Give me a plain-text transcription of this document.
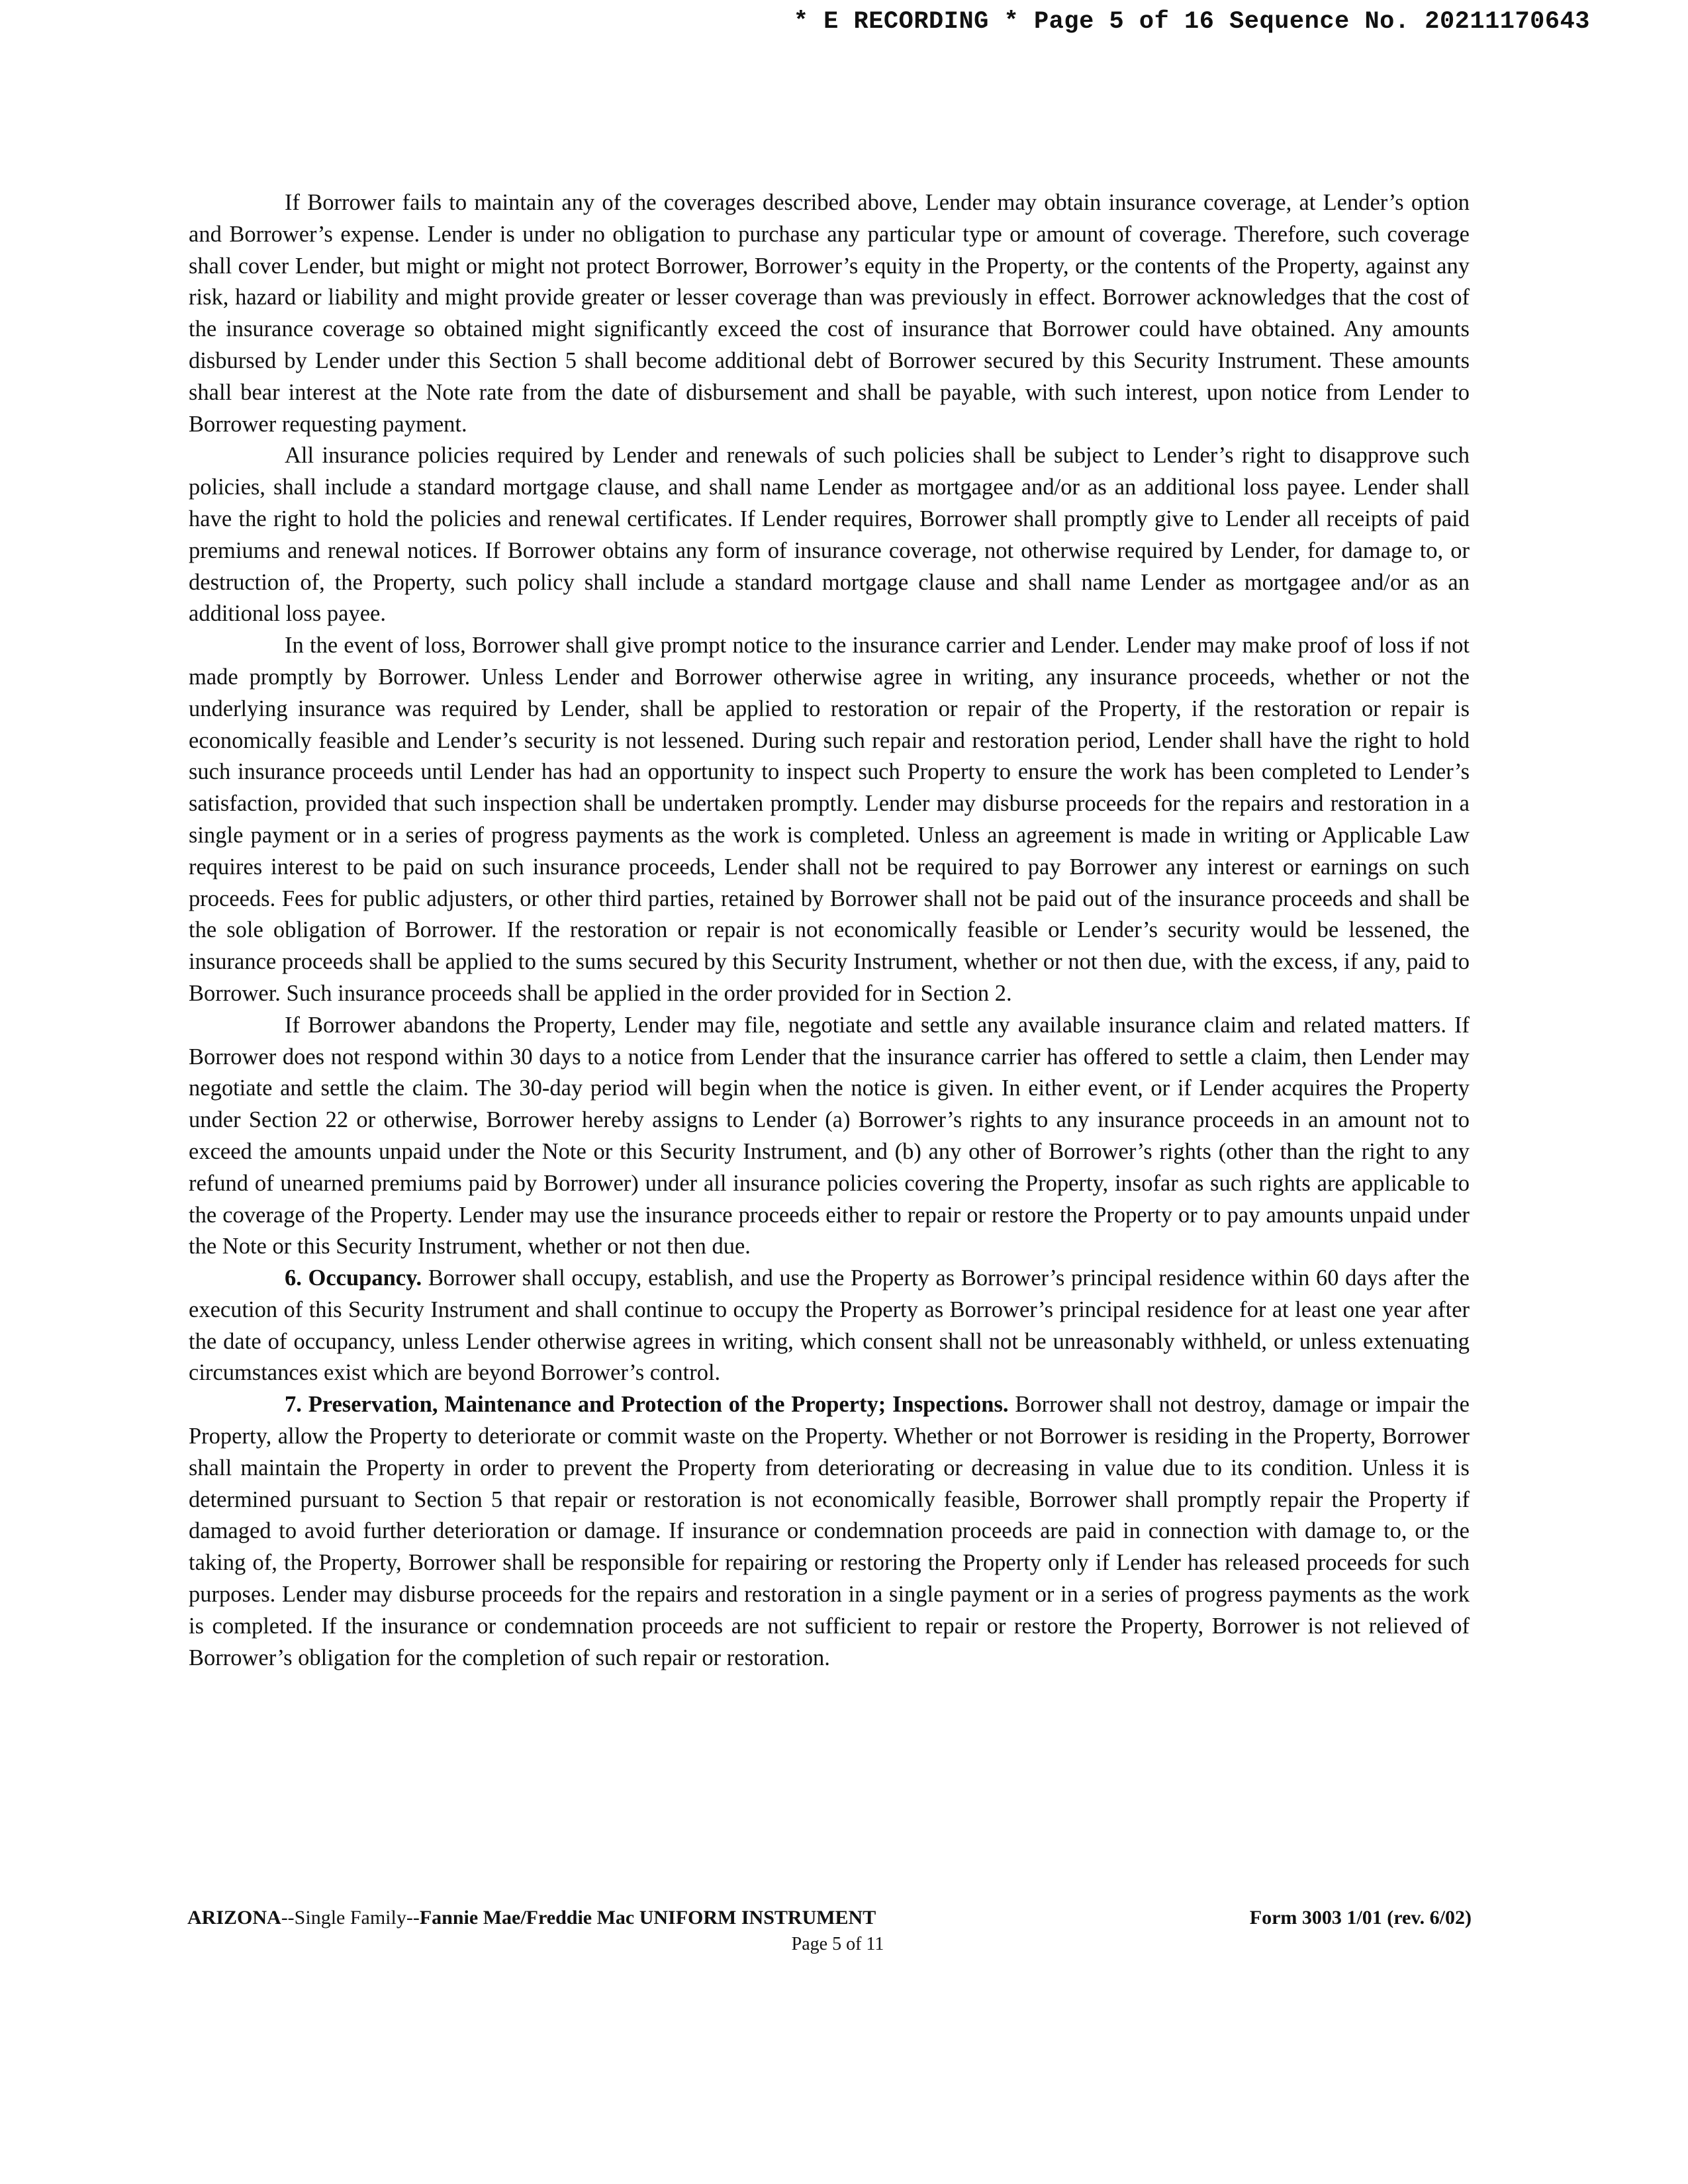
* E RECORDING * Page 5 of 16 Sequence No. 20211170643

If Borrower fails to maintain any of the coverages described above, Lender may obtain insurance coverage, at Lender’s option and Borrower’s expense. Lender is under no obligation to purchase any particular type or amount of coverage. Therefore, such coverage shall cover Lender, but might or might not protect Borrower, Borrower’s equity in the Property, or the contents of the Property, against any risk, hazard or liability and might provide greater or lesser coverage than was previously in effect. Borrower acknowledges that the cost of the insurance coverage so obtained might significantly exceed the cost of insurance that Borrower could have obtained. Any amounts disbursed by Lender under this Section 5 shall become additional debt of Borrower secured by this Security Instrument. These amounts shall bear interest at the Note rate from the date of disbursement and shall be payable, with such interest, upon notice from Lender to Borrower requesting payment.

All insurance policies required by Lender and renewals of such policies shall be subject to Lender’s right to disapprove such policies, shall include a standard mortgage clause, and shall name Lender as mortgagee and/or as an additional loss payee. Lender shall have the right to hold the policies and renewal certificates. If Lender requires, Borrower shall promptly give to Lender all receipts of paid premiums and renewal notices. If Borrower obtains any form of insurance coverage, not otherwise required by Lender, for damage to, or destruction of, the Property, such policy shall include a standard mortgage clause and shall name Lender as mortgagee and/or as an additional loss payee.

In the event of loss, Borrower shall give prompt notice to the insurance carrier and Lender. Lender may make proof of loss if not made promptly by Borrower. Unless Lender and Borrower otherwise agree in writing, any insurance proceeds, whether or not the underlying insurance was required by Lender, shall be applied to restoration or repair of the Property, if the restoration or repair is economically feasible and Lender’s security is not lessened. During such repair and restoration period, Lender shall have the right to hold such insurance proceeds until Lender has had an opportunity to inspect such Property to ensure the work has been completed to Lender’s satisfaction, provided that such inspection shall be undertaken promptly. Lender may disburse proceeds for the repairs and restoration in a single payment or in a series of progress payments as the work is completed. Unless an agreement is made in writing or Applicable Law requires interest to be paid on such insurance proceeds, Lender shall not be required to pay Borrower any interest or earnings on such proceeds. Fees for public adjusters, or other third parties, retained by Borrower shall not be paid out of the insurance proceeds and shall be the sole obligation of Borrower. If the restoration or repair is not economically feasible or Lender’s security would be lessened, the insurance proceeds shall be applied to the sums secured by this Security Instrument, whether or not then due, with the excess, if any, paid to Borrower. Such insurance proceeds shall be applied in the order provided for in Section 2.

If Borrower abandons the Property, Lender may file, negotiate and settle any available insurance claim and related matters. If Borrower does not respond within 30 days to a notice from Lender that the insurance carrier has offered to settle a claim, then Lender may negotiate and settle the claim. The 30-day period will begin when the notice is given. In either event, or if Lender acquires the Property under Section 22 or otherwise, Borrower hereby assigns to Lender (a) Borrower’s rights to any insurance proceeds in an amount not to exceed the amounts unpaid under the Note or this Security Instrument, and (b) any other of Borrower’s rights (other than the right to any refund of unearned premiums paid by Borrower) under all insurance policies covering the Property, insofar as such rights are applicable to the coverage of the Property. Lender may use the insurance proceeds either to repair or restore the Property or to pay amounts unpaid under the Note or this Security Instrument, whether or not then due.

6. Occupancy. Borrower shall occupy, establish, and use the Property as Borrower’s principal residence within 60 days after the execution of this Security Instrument and shall continue to occupy the Property as Borrower’s principal residence for at least one year after the date of occupancy, unless Lender otherwise agrees in writing, which consent shall not be unreasonably withheld, or unless extenuating circumstances exist which are beyond Borrower’s control.

7. Preservation, Maintenance and Protection of the Property; Inspections. Borrower shall not destroy, damage or impair the Property, allow the Property to deteriorate or commit waste on the Property. Whether or not Borrower is residing in the Property, Borrower shall maintain the Property in order to prevent the Property from deteriorating or decreasing in value due to its condition. Unless it is determined pursuant to Section 5 that repair or restoration is not economically feasible, Borrower shall promptly repair the Property if damaged to avoid further deterioration or damage. If insurance or condemnation proceeds are paid in connection with damage to, or the taking of, the Property, Borrower shall be responsible for repairing or restoring the Property only if Lender has released proceeds for such purposes. Lender may disburse proceeds for the repairs and restoration in a single payment or in a series of progress payments as the work is completed. If the insurance or condemnation proceeds are not sufficient to repair or restore the Property, Borrower is not relieved of Borrower’s obligation for the completion of such repair or restoration.

ARIZONA--Single Family--Fannie Mae/Freddie Mac UNIFORM INSTRUMENT	Form 3003 1/01 (rev. 6/02)
Page 5 of 11
